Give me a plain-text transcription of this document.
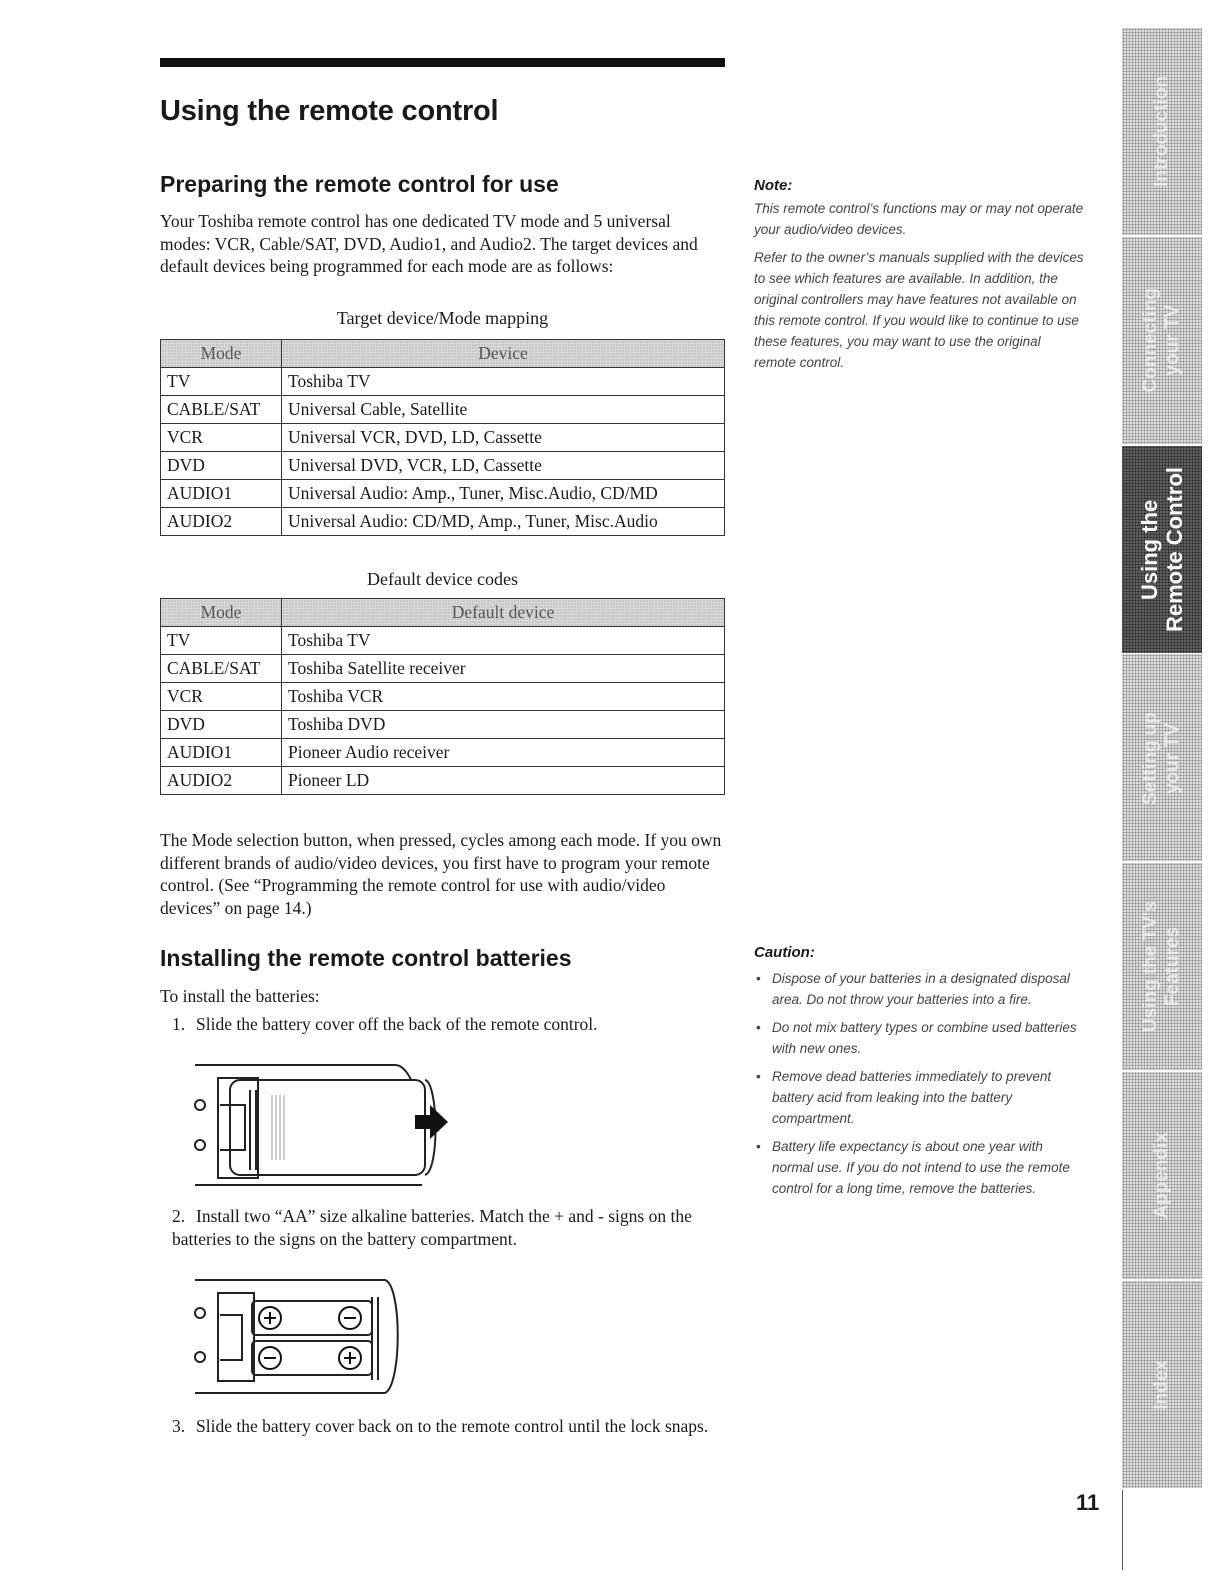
Using the remote control
Preparing the remote control for use

Your Toshiba remote control has one dedicated TV mode and 5 universal modes: VCR, Cable/SAT, DVD, Audio1, and Audio2. The target devices and default devices being programmed for each mode are as follows:

Target device/Mode mapping
Mode	Device
TV	Toshiba TV
CABLE/SAT	Universal Cable, Satellite
VCR	Universal VCR, DVD, LD, Cassette
DVD	Universal DVD, VCR, LD, Cassette
AUDIO1	Universal Audio: Amp., Tuner, Misc.Audio, CD/MD
AUDIO2	Universal Audio: CD/MD, Amp., Tuner, Misc.Audio
Default device codes
Mode	Default device
TV	Toshiba TV
CABLE/SAT	Toshiba Satellite receiver
VCR	Toshiba VCR
DVD	Toshiba DVD
AUDIO1	Pioneer Audio receiver
AUDIO2	Pioneer LD

The Mode selection button, when pressed, cycles among each mode. If you own different brands of audio/video devices, you first have to program your remote control. (See “Programming the remote control for use with audio/video devices” on page 14.)

Installing the remote control batteries

To install the batteries:

1. Slide the battery cover off the back of the remote control.
2. Install two “AA” size alkaline batteries. Match the + and - signs on the batteries to the signs on the battery compartment.
3. Slide the battery cover back on to the remote control until the lock snaps.
Note:

This remote control’s functions may or may not operate your audio/video devices.

Refer to the owner’s manuals supplied with the devices to see which features are available. In addition, the original controllers may have features not available on this remote control. If you would like to continue to use these features, you may want to use the original remote control.

Caution:
• Dispose of your batteries in a designated disposal area. Do not throw your batteries into a fire.
• Do not mix battery types or combine used batteries with new ones.
• Remove dead batteries immediately to prevent battery acid from leaking into the battery compartment.
• Battery life expectancy is about one year with normal use. If you do not intend to use the remote control for a long time, remove the batteries.
Introduction
Connecting
your TV
Using the
Remote Control
Setting up
your TV
Using the TV's
Features
Appendix
Index
11
